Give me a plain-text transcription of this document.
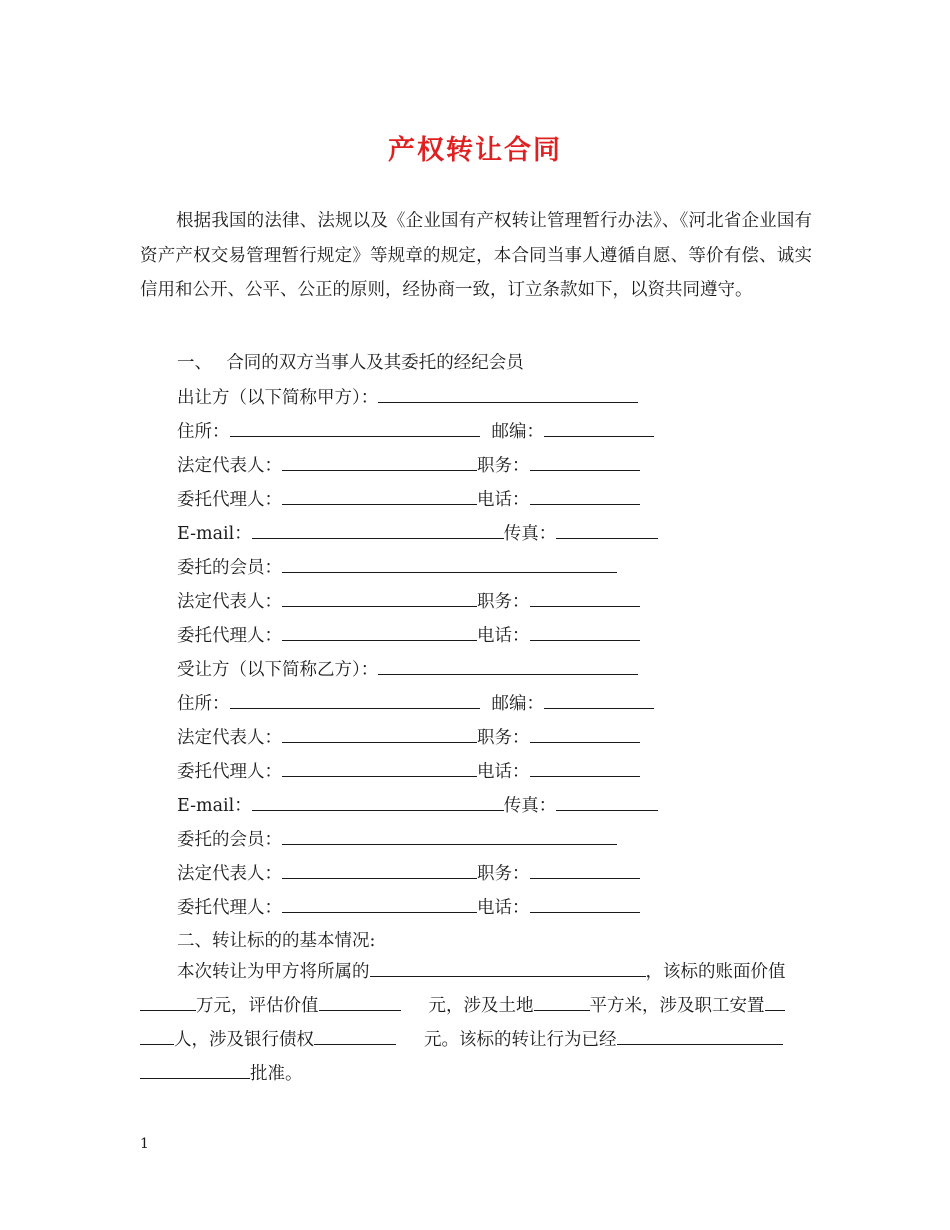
产权转让合同

根据我国的法律、法规以及《企业国有产权转让管理暂行办法》、《河北省企业国有资产产权交易管理暂行规定》等规章的规定，本合同当事人遵循自愿、等价有偿、诚实信用和公开、公平、公正的原则，经协商一致，订立条款如下，以资共同遵守。

一、　 合同的双方当事人及其委托的经纪会员
出让方（以下简称甲方）：
住所：	邮编：
法定代表人：	职务：
委托代理人：	电话：
E-mail：	传真：
委托的会员：
法定代表人：	职务：
委托代理人：	电话：
受让方（以下简称乙方）：
住所：	邮编：
法定代表人：	职务：
委托代理人：	电话：
E-mail：	传真：
委托的会员：
法定代表人：	职务：
委托代理人：	电话：
二、转让标的的基本情况:
本次转让为甲方将所属的	，该标的账面价值
万元，评估价值	元，涉及土地	平方米，涉及职工安置
人，涉及银行债权	元。该标的转让行为已经
批准。
1
